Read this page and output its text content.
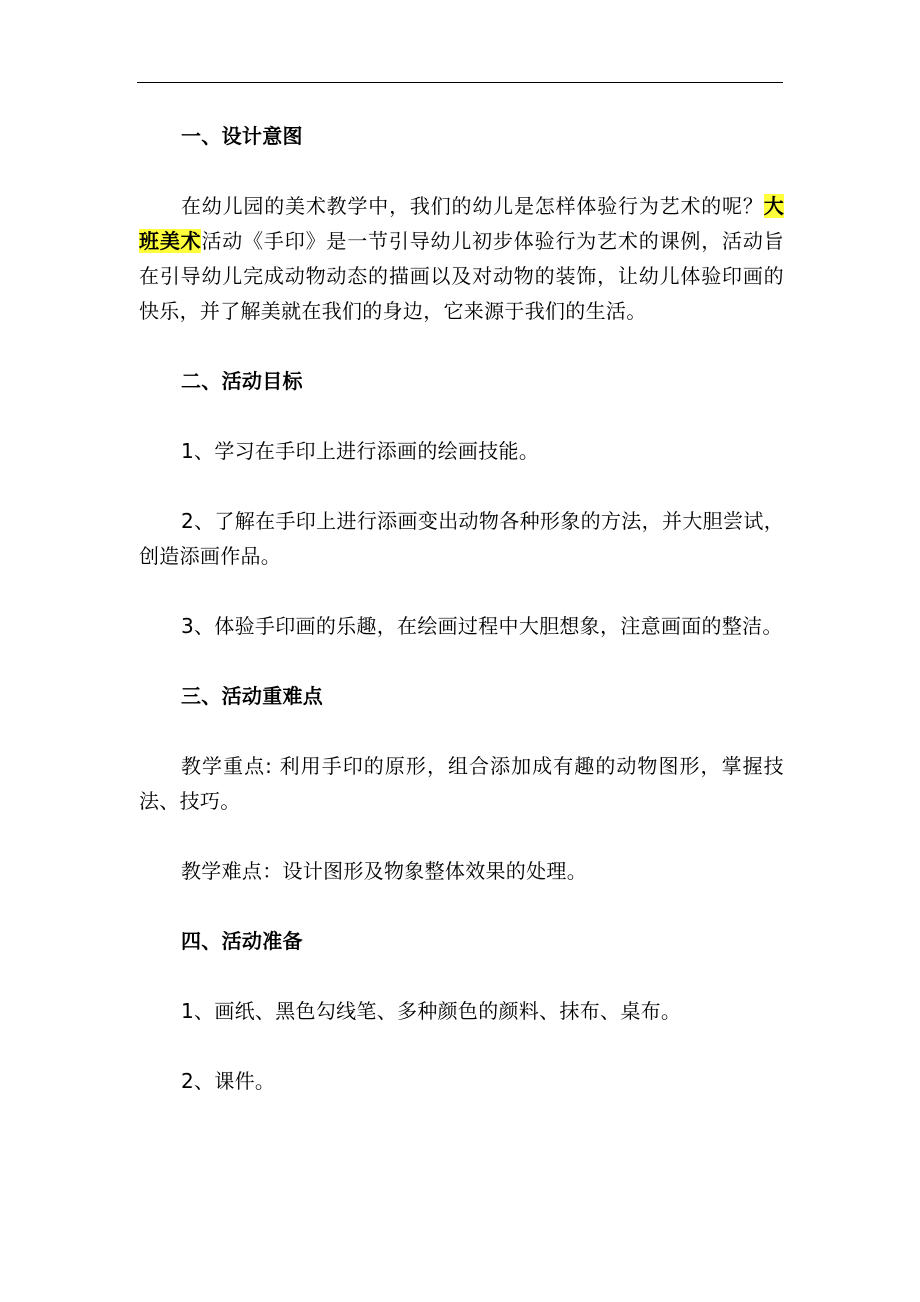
一、设计意图

在幼儿园的美术教学中，我们的幼儿是怎样体验行为艺术的呢？大班美术活动《手印》是一节引导幼儿初步体验行为艺术的课例，活动旨在引导幼儿完成动物动态的描画以及对动物的装饰，让幼儿体验印画的快乐，并了解美就在我们的身边，它来源于我们的生活。

二、活动目标

1、学习在手印上进行添画的绘画技能。

2、了解在手印上进行添画变出动物各种形象的方法，并大胆尝试，创造添画作品。

3、体验手印画的乐趣，在绘画过程中大胆想象，注意画面的整洁。

三、活动重难点

教学重点: 利用手印的原形，组合添加成有趣的动物图形，掌握技法、技巧。

教学难点：设计图形及物象整体效果的处理。

四、活动准备

1、画纸、黑色勾线笔、多种颜色的颜料、抹布、桌布。

2、课件。
